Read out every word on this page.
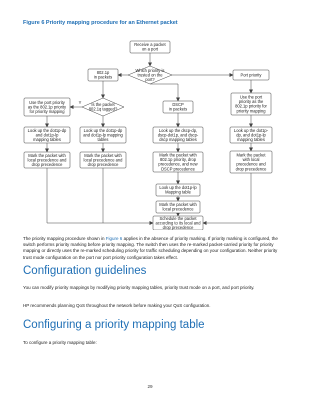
Figure 6 Priority mapping procedure for an Ethernet packet
Receive a packet
on a port
Which priority is
trusted on the
port?
802.1p
in packets	Port priority
Use the port priority
as the 802.1p priority
for priority mapping
Is the packet
802.1q tagged?
DSCP
in packets
Use the port
priority as the
802.1p priority for
priority mapping
Look up the dot1p-dp
and dot1p-lp
mapping tables
Look up the dot1p-dp
and dot1p-lp mapping
tables
Look up the dscp-dp,
dscp-dot1p, and dscp-
dscp mapping tables
Look up the dot1p-
dp, and dot1p-lp
mapping tables
Mark the packet with
local precedence and
drop precedence
Mark the packet with
local precedence and
drop precedence
Mark the packet with
802.1p priority, drop
precedence, and new
DSCP precedence
Mark the packet
with local
precedence and
drop precedence
Look up the dot1p-lp
Mapping table
Mark the packet with
local precedence
Schedule the packet
according to its local and
drop precedence
Y
The priority mapping procedure shown in Figure 6 applies in the absence of priority marking. If priority marking is configured, the switch performs priority marking before priority mapping. The switch then uses the re-marked packet-carried priority for priority mapping or directly uses the re-marked scheduling priority for traffic scheduling depending on your configuration. Neither priority trust mode configuration on the port nor port priority configuration takes effect.
Configuration guidelines
You can modify priority mappings by modifying priority mapping tables, priority trust mode on a port, and port priority.
HP recommends planning QoS throughout the network before making your QoS configuration.
Configuring a priority mapping table
To configure a priority mapping table:
29
